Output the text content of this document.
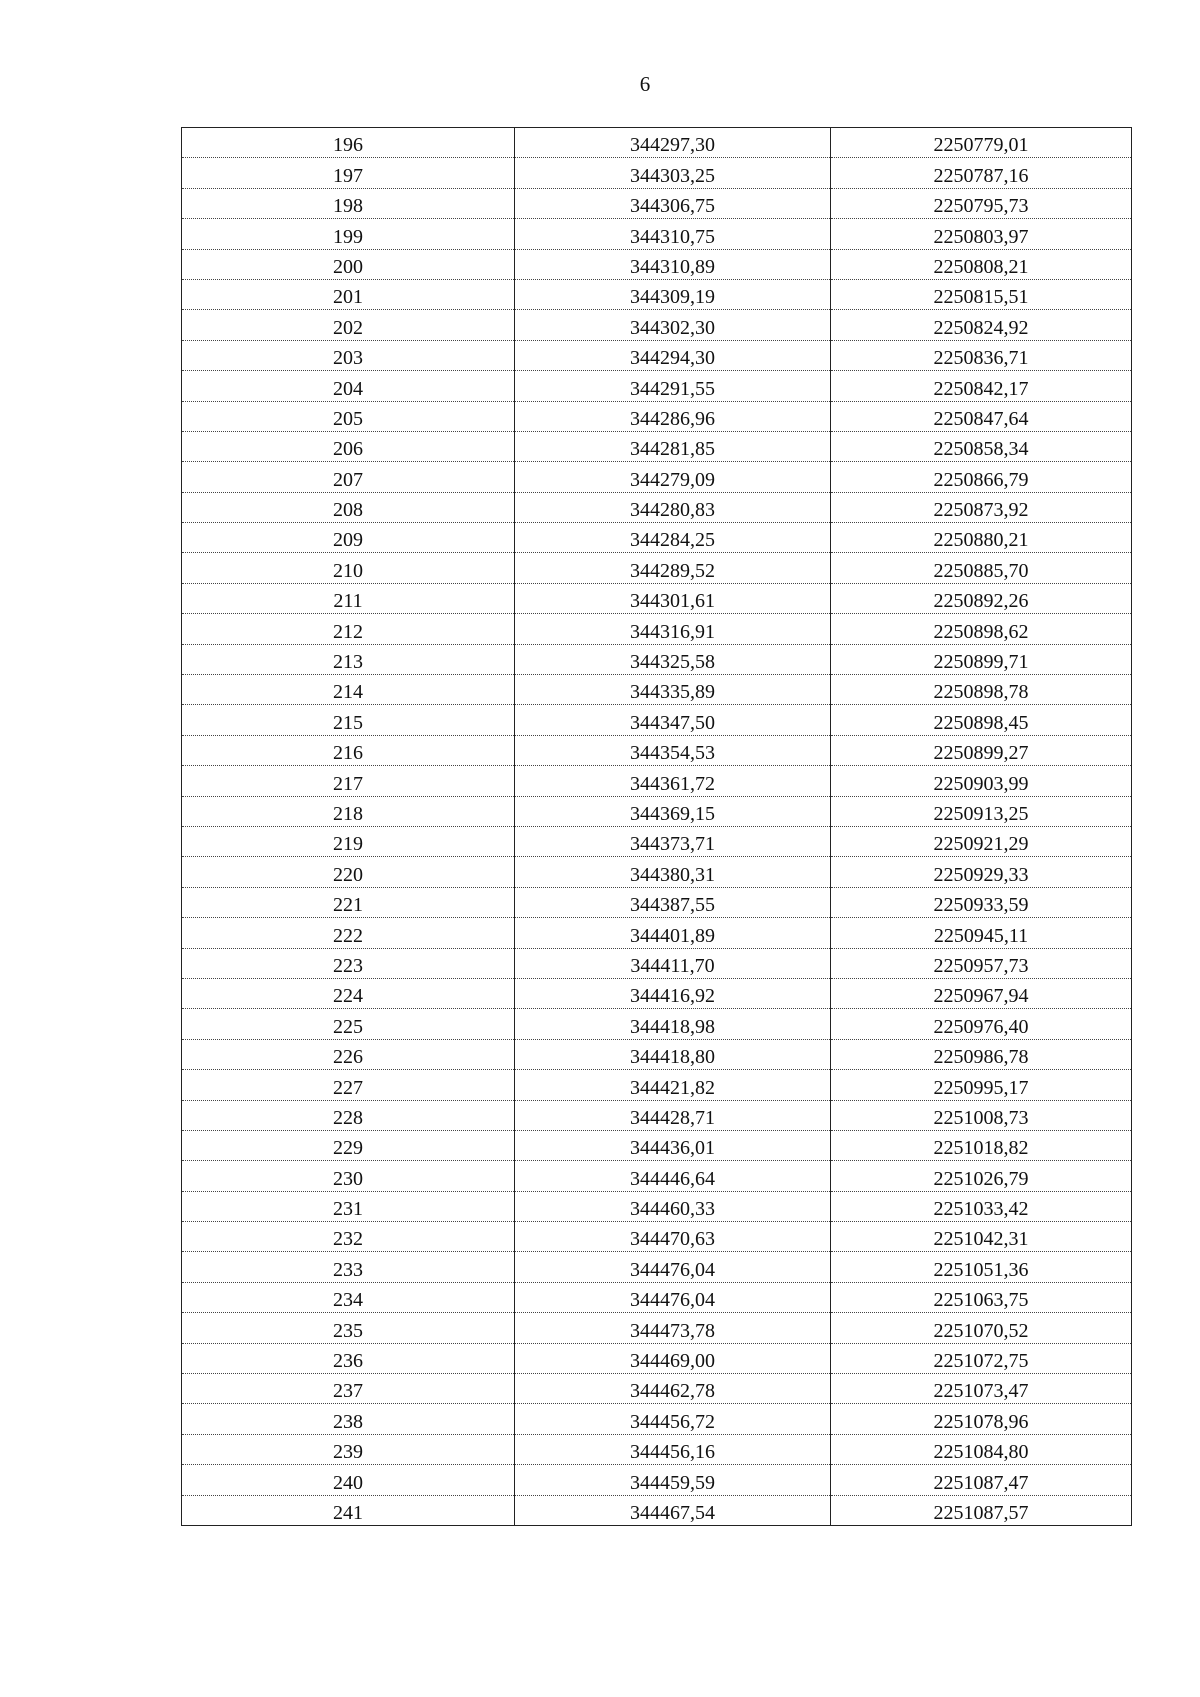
6
196	344297,30	2250779,01
197	344303,25	2250787,16
198	344306,75	2250795,73
199	344310,75	2250803,97
200	344310,89	2250808,21
201	344309,19	2250815,51
202	344302,30	2250824,92
203	344294,30	2250836,71
204	344291,55	2250842,17
205	344286,96	2250847,64
206	344281,85	2250858,34
207	344279,09	2250866,79
208	344280,83	2250873,92
209	344284,25	2250880,21
210	344289,52	2250885,70
211	344301,61	2250892,26
212	344316,91	2250898,62
213	344325,58	2250899,71
214	344335,89	2250898,78
215	344347,50	2250898,45
216	344354,53	2250899,27
217	344361,72	2250903,99
218	344369,15	2250913,25
219	344373,71	2250921,29
220	344380,31	2250929,33
221	344387,55	2250933,59
222	344401,89	2250945,11
223	344411,70	2250957,73
224	344416,92	2250967,94
225	344418,98	2250976,40
226	344418,80	2250986,78
227	344421,82	2250995,17
228	344428,71	2251008,73
229	344436,01	2251018,82
230	344446,64	2251026,79
231	344460,33	2251033,42
232	344470,63	2251042,31
233	344476,04	2251051,36
234	344476,04	2251063,75
235	344473,78	2251070,52
236	344469,00	2251072,75
237	344462,78	2251073,47
238	344456,72	2251078,96
239	344456,16	2251084,80
240	344459,59	2251087,47
241	344467,54	2251087,57
